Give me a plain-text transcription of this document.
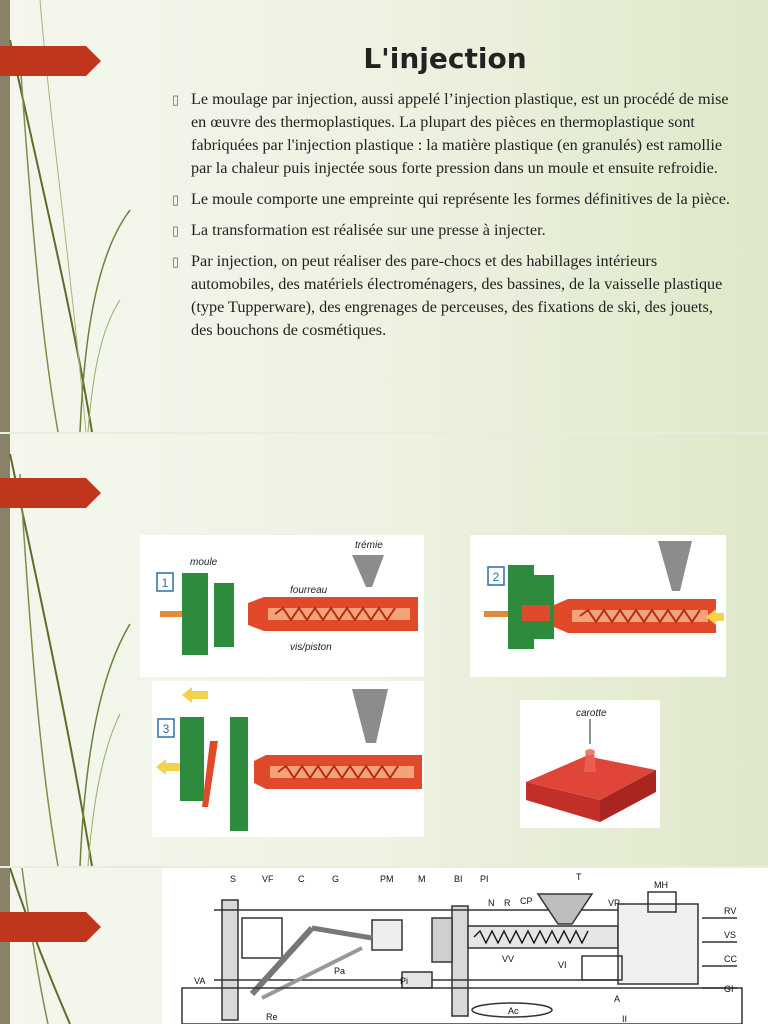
L'injection
▯ Le moulage par injection, aussi appelé l’injection plastique, est un procédé de mise en œuvre des thermoplastiques. La plupart des pièces en thermoplastique sont fabriquées par l'injection plastique : la matière plastique (en granulés) est ramollie par la chaleur puis injectée sous forte pression dans un moule et ensuite refroidie.
▯ Le moule comporte une empreinte qui représente les formes définitives de la pièce.
▯ La transformation est réalisée sur une presse à injecter.
▯ Par injection, on peut réaliser des pare-chocs et des habillages intérieurs automobiles, des matériels électroménagers, des bassines, de la vaisselle plastique (type Tupperware), des engrenages de perceuses, des fixations de ski, des jouets, des bouchons de cosmétiques.
1
moule
trémie
fourreau
vis/piston
2
3
carotte
S	VF	C	G	PM	M	BI PI	T
MH
N R CP	VP
RV
VS
VV
VI
CC
VA
Pa
Pi
A
GI
Re
Ac
II
